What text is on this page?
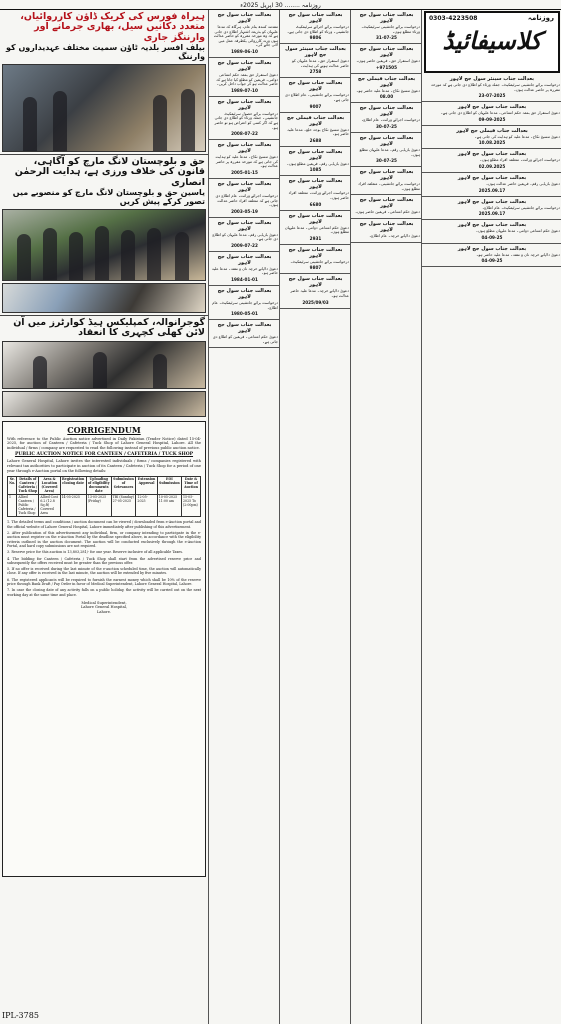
روزنامہ ........ 30 اپریل 2025ء
ہیراہ فورس کی کریک ڈاؤن کارروائیاں، متعدد دکانیں سیل، بھاری جرمانے اور وارننگز جاری
بیلف افسر بلدیہ ٹاؤن سمیت مختلف عہدیداروں کو وارننگ
حق و بلوچستان لانگ مارچ کو آگاہی، قانون کی خلاف ورزی ہے، ہدایت الرحمٰن انصاری
یاسین حق و بلوچستان لانگ مارچ کو منصوبے میں تصور کرکے پیش کریں
گوجرانوالہ، کمپلیکس ہیڈ کوارٹرز میں آن لائن کھلی کچہری کا انعقاد
CORRIGENDUM
With reference to the Public Auction notice advertised in Daily Pakistan (Tender Notice) dated 15-04-2025, for auction of Canteen / Cafeteria / Tuck Shop of Lahore General Hospital, Lahore. All the individual / firms / company are requested to read the following instead of previous public auction notice.
PUBLIC AUCTION NOTICE FOR CANTEEN / CAFETERIA / TUCK SHOP
Lahore General Hospital, Lahore invites the interested individuals / firms / companies registered with relevant tax authorities to participate in auction of its Canteen / Cafeteria / Tuck Shop for a period of one year through e-Auction portal on the following details:
Sr. No.	Details of Canteen / Cafeteria / Tuck Shop	Area & Location (Covered Area)	Registration closing date	Uploading of eligibility documents date	Submission of Grievances	Extension Approval	EOI Submission	Date & Time of Auction
1	Allied Canteen / Public Cafeteria / Tuck Shop	Allied Cost 6.2 (12.8 Sq.ft) Covered Area	14-05-2025	13-05-2025 (Friday)	TBI (Sunday) 27-05-2025	12-05-2025	10-05-2025 11:00 am	15-05-2025 To (2:00pm)
1. The detailed terms and conditions / auction document can be viewed / downloaded from e-Auction portal and the official website of Lahore General Hospital, Lahore immediately after publishing of this advertisement.
2. After publication of this advertisement any individual, firm, or company intending to participate in the e-auction must register on the e-Auction Portal by the deadline specified above, in accordance with the eligibility criteria outlined in the auction document. The auction will be conducted exclusively through the e-Auction Portal, and hard copy submissions are not required.
3. Reserve price for this auction is 13,803,281/- for one year. Reserve inclusive of all applicable Taxes.
4. The bidding for Canteen / Cafeteria / Tuck Shop shall start from the advertised reserve price and subsequently the offers received must be greater than the previous offer.
5. If no offer is received during the last minute of the e-auction scheduled time, the auction will automatically close. If any offer is received in the last minute, the auction will be extended by five minutes.
6. The registered applicants will be required to furnish the earnest money which shall be 10% of the reserve price through Bank Draft / Pay Order in favor of Medical Superintendent, Lahore General Hospital, Lahore.
7. In case the closing date of any activity falls on a public holiday, the activity will be carried out on the next working day at the same time and place.
Medical Superintendent,
Lahore General Hospital,
Lahore.
IPL-3785
بعدالت جناب سول جج لاہور
مقدمہ کنندہ بنام عام۔ ہرگاہ کہ مدعا علیہان کو بذریعہ اشتہار اطلاع دی جاتی ہے کہ وہ مورخہ مقررہ کو حاضر عدالت ہوں ورنہ کارروائی یکطرفہ عمل میں لائی جائے گی۔
1989-06-10
بعدالت جناب سول جج لاہور
دعویٰ استقرار حق بمعہ حکم امتناعی دوامی۔ فریقین کو مطلع کیا جاتا ہے کہ حاضر عدالت ہو کر جواب داخل کریں۔
1989-07-10
بعدالت جناب سول جج لاہور
درخواست برائے حصول سرٹیفکیٹ جانشینی۔ جملہ ورثاء کو اطلاع دی جاتی ہے کہ اگر کسی کو اعتراض ہو تو حاضر ہو۔
2008-07-22
بعدالت جناب سول جج لاہور
دعویٰ تنسیخ نکاح۔ مدعا علیہ کو ہدایت کی جاتی ہے کہ مورخہ مقررہ پر حاضر عدالت ہو۔
2005-01-15
بعدالت جناب سول جج لاہور
درخواست اجرائے وراثت۔ عام اطلاع دی جاتی ہے کہ متعلقہ افراد حاضر عدالت ہوں۔
2003-05-19
بعدالت جناب سول جج لاہور
دعویٰ بازیابی رقم۔ مدعا علیہان کو اطلاع دی جاتی ہے۔
2009-07-22
بعدالت جناب سول جج لاہور
دعویٰ دلاپانے خرچہ نان و نفقہ۔ مدعا علیہ حاضر ہو۔
1984-01-01
بعدالت جناب سول جج لاہور
درخواست برائے جانشینی سرٹیفکیٹ۔ عام اطلاع۔
1980-05-01
بعدالت جناب سول جج لاہور
دعویٰ حکم امتناعی۔ فریقین کو اطلاع دی جاتی ہے۔
بعدالت جناب سول جج لاہور
درخواست برائے اجرائے سرٹیفکیٹ جانشینی۔ ورثاء کو اطلاع دی جاتی ہے۔
9806
بعدالت جناب سینئر سول جج لاہور
دعویٰ استقرار حق۔ مدعا علیہان کو حاضر عدالت ہونے کی ہدایت۔
2758
بعدالت جناب سول جج لاہور
درخواست برائے جانشینی۔ عام اطلاع دی جاتی ہے۔
9007
بعدالت جناب فیملی جج لاہور
دعویٰ تنسیخ نکاح بوجہ خلع۔ مدعا علیہ حاضر ہو۔
2688
بعدالت جناب سول جج لاہور
دعویٰ بازیابی رقم۔ فریقین مطلع ہوں۔
1085
بعدالت جناب سول جج لاہور
درخواست اجرائے وراثت۔ متعلقہ افراد حاضر ہوں۔
6680
بعدالت جناب سول جج لاہور
دعویٰ حکم امتناعی دوامی۔ مدعا علیہان مطلع ہوں۔
2931
بعدالت جناب سول جج لاہور
درخواست برائے جانشینی سرٹیفکیٹ۔
9807
بعدالت جناب سول جج لاہور
دعویٰ دلاپانے خرچہ۔ مدعا علیہ حاضر عدالت ہو۔
2025/09/03
بعدالت جناب سول جج لاہور
درخواست برائے جانشینی سرٹیفکیٹ۔ ورثاء مطلع ہوں۔
31-07-25
بعدالت جناب سول جج لاہور
دعویٰ استقرار حق۔ فریقین حاضر ہوں۔
+971505
بعدالت جناب فیملی جج لاہور
دعویٰ تنسیخ نکاح۔ مدعا علیہ حاضر ہو۔
08.00
بعدالت جناب سول جج لاہور
درخواست اجرائے وراثت۔ عام اطلاع۔
30-07-25
بعدالت جناب سول جج لاہور
دعویٰ بازیابی رقم۔ مدعا علیہان مطلع ہوں۔
30-07-25
بعدالت جناب سول جج لاہور
درخواست برائے جانشینی۔ متعلقہ افراد مطلع ہوں۔
بعدالت جناب سول جج لاہور
دعویٰ حکم امتناعی۔ فریقین حاضر ہوں۔
بعدالت جناب سول جج لاہور
دعویٰ دلاپانے خرچہ۔ عام اطلاع۔
0303-4223508	روزنامہ
کلاسیفائیڈ
بعدالت جناب سینئر سول جج لاہور
درخواست برائے جانشینی سرٹیفکیٹ۔ جملہ ورثاء کو اطلاع دی جاتی ہے کہ مورخہ مقررہ پر حاضر عدالت ہوں۔
23-07-2025
بعدالت جناب سول جج لاہور
دعویٰ استقرار حق بمعہ حکم امتناعی۔ مدعا علیہان کو اطلاع دی جاتی ہے۔
09-09-2025
بعدالت جناب فیملی جج لاہور
دعویٰ تنسیخ نکاح۔ مدعا علیہ کو ہدایت کی جاتی ہے۔
10.08.2025
بعدالت جناب سول جج لاہور
درخواست اجرائے وراثت۔ متعلقہ افراد مطلع ہوں۔
02.09.2025
بعدالت جناب سول جج لاہور
دعویٰ بازیابی رقم۔ فریقین حاضر عدالت ہوں۔
2025.09.17
بعدالت جناب سول جج لاہور
درخواست برائے جانشینی سرٹیفکیٹ۔ عام اطلاع۔
2025.09.17
بعدالت جناب سول جج لاہور
دعویٰ حکم امتناعی دوامی۔ مدعا علیہان مطلع ہوں۔
04-09-25
بعدالت جناب سول جج لاہور
دعویٰ دلاپانے خرچہ نان و نفقہ۔ مدعا علیہ حاضر ہو۔
04-09-25
